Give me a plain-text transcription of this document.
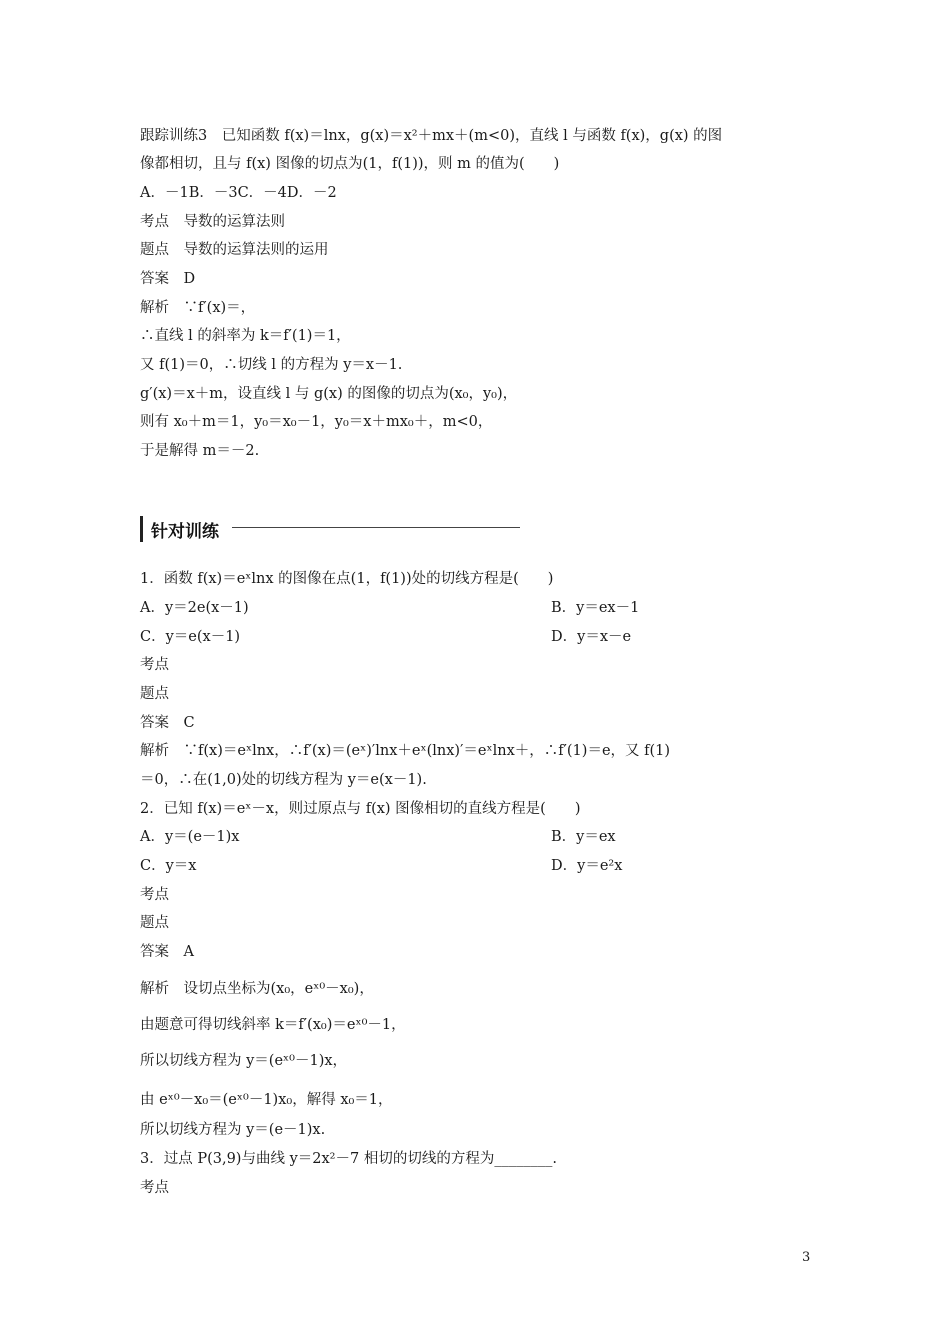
跟踪训练3　已知函数 f(x)＝lnx，g(x)＝x²＋mx＋(m<0)，直线 l 与函数 f(x)，g(x) 的图
像都相切，且与 f(x) 图像的切点为(1，f(1))，则 m 的值为(　　)
A．－1B．－3C．－4D．－2
考点　导数的运算法则
题点　导数的运算法则的运用
答案　D
解析　∵f′(x)＝，
∴直线 l 的斜率为 k＝f′(1)＝1，
又 f(1)＝0，∴切线 l 的方程为 y＝x－1.
g′(x)＝x＋m，设直线 l 与 g(x) 的图像的切点为(x₀，y₀)，
则有 x₀＋m＝1，y₀＝x₀－1，y₀＝x＋mx₀＋，m<0，
于是解得 m＝－2.
针对训练
1．函数 f(x)＝eˣlnx 的图像在点(1，f(1))处的切线方程是(　　)
A．y＝2e(x－1)	B．y＝ex－1
C．y＝e(x－1)	D．y＝x－e
考点
题点
答案　C
解析　∵f(x)＝eˣlnx，∴f′(x)＝(eˣ)′lnx＋eˣ(lnx)′＝eˣlnx＋，∴f′(1)＝e，又 f(1)
＝0，∴在(1,0)处的切线方程为 y＝e(x－1).
2．已知 f(x)＝eˣ－x，则过原点与 f(x) 图像相切的直线方程是(　　)
A．y＝(e－1)x	B．y＝ex
C．y＝x	D．y＝e²x
考点
题点
答案　A
解析　设切点坐标为(x₀，eˣ⁰－x₀)，
由题意可得切线斜率 k＝f′(x₀)＝eˣ⁰－1，
所以切线方程为 y＝(eˣ⁰－1)x，
由 eˣ⁰－x₀＝(eˣ⁰－1)x₀，解得 x₀＝1，
所以切线方程为 y＝(e－1)x.
3．过点 P(3,9)与曲线 y＝2x²－7 相切的切线的方程为________.
考点
3
